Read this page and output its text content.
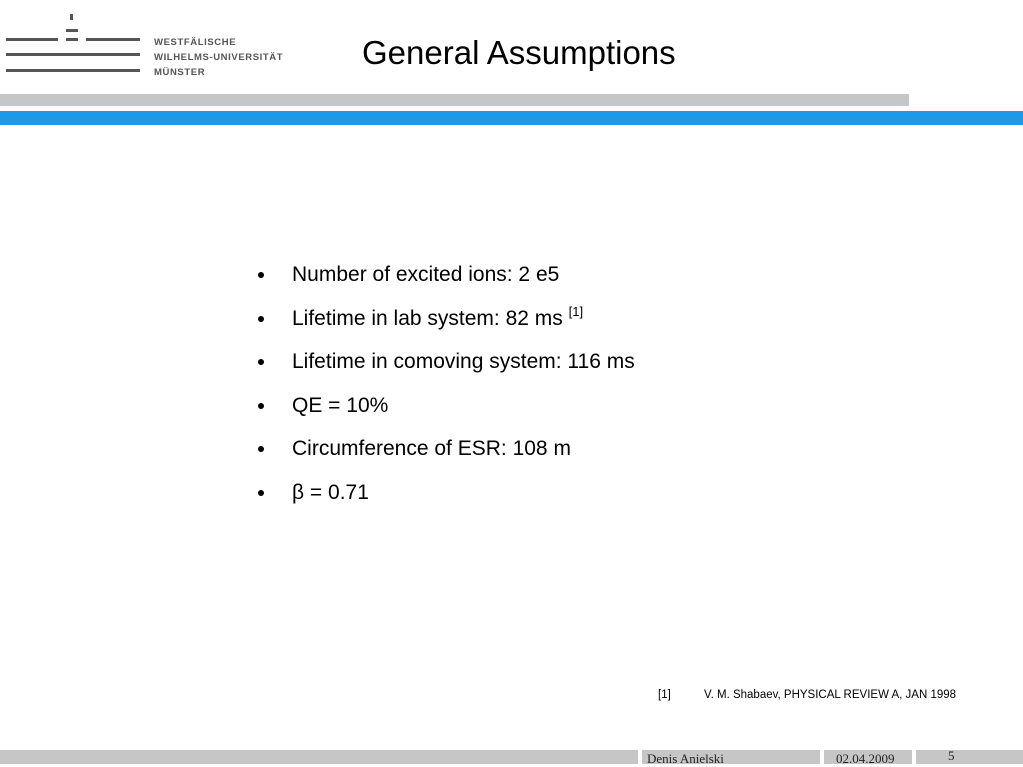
WESTFÄLISCHE
WILHELMS-UNIVERSITÄT
MÜNSTER
General Assumptions
Number of excited ions: 2 e5
Lifetime in lab system: 82 ms [1]
Lifetime in comoving system: 116 ms
QE = 10%
Circumference of ESR: 108 m
β = 0.71
[1]	V. M. Shabaev, PHYSICAL REVIEW A, JAN 1998
Denis Anielski	02.04.2009	5
